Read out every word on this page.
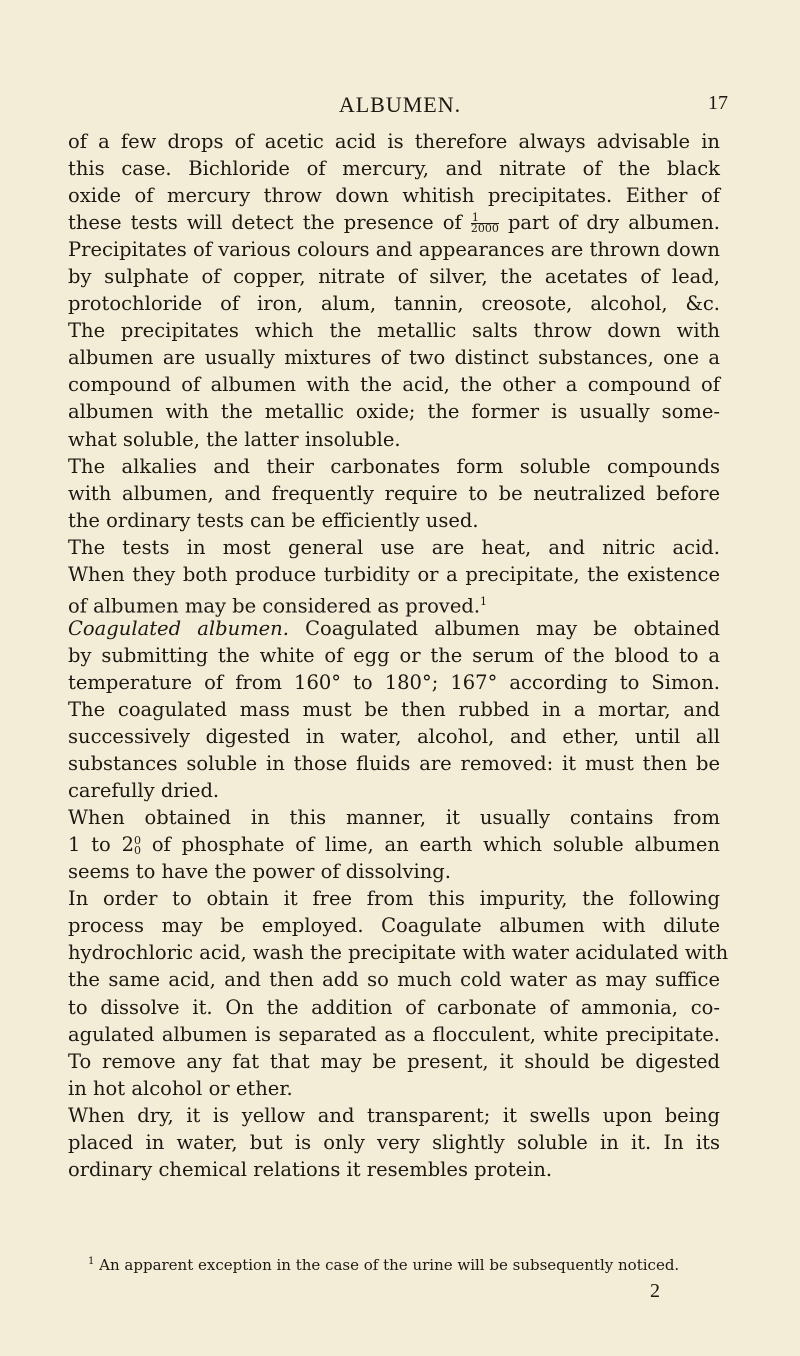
ALBUMEN.	17
of a few drops of acetic acid is therefore always advisable in
this case. Bichloride of mercury, and nitrate of the black
oxide of mercury throw down whitish precipitates. Either of
these tests will detect the presence of $\frac{1}{2000}$ part of dry albumen.
Precipitates of various colours and appearances are thrown down
by sulphate of copper, nitrate of silver, the acetates of lead,
protochloride of iron, alum, tannin, creosote, alcohol, &c.
The precipitates which the metallic salts throw down with
albumen are usually mixtures of two distinct substances, one a
compound of albumen with the acid, the other a compound of
albumen with the metallic oxide; the former is usually some-
what soluble, the latter insoluble.
The alkalies and their carbonates form soluble compounds
with albumen, and frequently require to be neutralized before
the ordinary tests can be efficiently used.
The tests in most general use are heat, and nitric acid.
When they both produce turbidity or a precipitate, the existence
of albumen may be considered as proved.$^1$
Coagulated albumen. Coagulated albumen may be obtained
by submitting the white of egg or the serum of the blood to a
temperature of from 160° to 180°; 167° according to Simon.
The coagulated mass must be then rubbed in a mortar, and
successively digested in water, alcohol, and ether, until all
substances soluble in those fluids are removed: it must then be
carefully dried.
When obtained in this manner, it usually contains from
1 to 2 0
0 of phosphate of lime, an earth which soluble albumen
seems to have the power of dissolving.
In order to obtain it free from this impurity, the following
process may be employed. Coagulate albumen with dilute
hydrochloric acid, wash the precipitate with water acidulated with
the same acid, and then add so much cold water as may suffice
to dissolve it. On the addition of carbonate of ammonia, co-
agulated albumen is separated as a flocculent, white precipitate.
To remove any fat that may be present, it should be digested
in hot alcohol or ether.
When dry, it is yellow and transparent; it swells upon being
placed in water, but is only very slightly soluble in it. In its
ordinary chemical relations it resembles protein.
$^1$ An apparent exception in the case of the urine will be subsequently noticed.
2
